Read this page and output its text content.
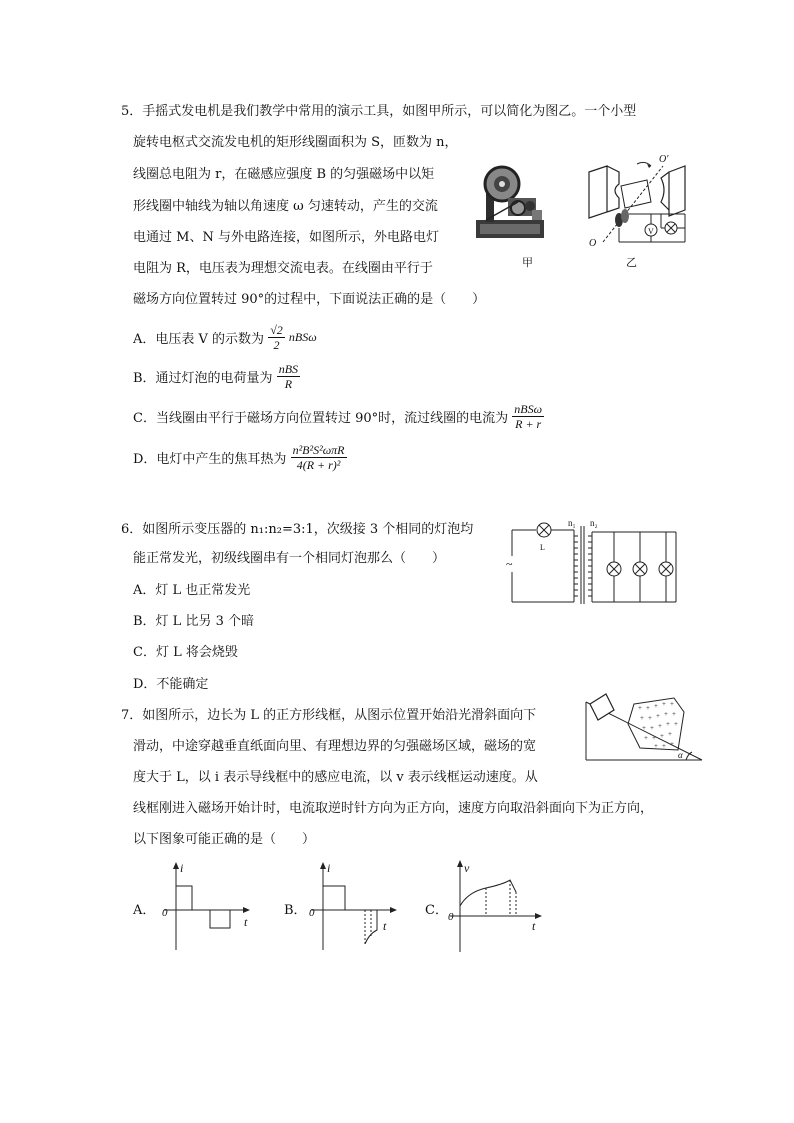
5．手摇式发电机是我们教学中常用的演示工具，如图甲所示，可以简化为图乙。一个小型
旋转电枢式交流发电机的矩形线圈面积为 S，匝数为 n，
线圈总电阻为 r，在磁感应强度 B 的匀强磁场中以矩
形线圈中轴线为轴以角速度 ω 匀速转动，产生的交流
电通过 M、N 与外电路连接，如图所示，外电路电灯
电阻为 R，电压表为理想交流电表。在线圈由平行于
磁场方向位置转过 90°的过程中，下面说法正确的是（　　）
甲
V
O′
O
乙
A．电压表 V 的示数为 $\frac{√2}{2}$ nBSω
B．通过灯泡的电荷量为 $\frac{\text{nBS}}{R}$
C．当线圈由平行于磁场方向位置转过 90°时，流过线圈的电流为 $\frac{\text{nBSω}}{R + r}$
D．电灯中产生的焦耳热为 $\frac{\text{n²B²S²ωπR}}{\text{4(R + r)²}}$
6．如图所示变压器的 n₁:n₂=3:1，次级接 3 个相同的灯泡均
能正常发光，初级线圈串有一个相同灯泡那么（　　）
A．灯 L 也正常发光
B．灯 L 比另 3 个暗
C．灯 L 将会烧毁
D．不能确定
L
~
n₁ n₂
7．如图所示，边长为 L 的正方形线框，从图示位置开始沿光滑斜面向下
滑动，中途穿越垂直纸面向里、有理想边界的匀强磁场区域，磁场的宽
度大于 L，以 i 表示导线框中的感应电流，以 v 表示线框运动速度。从
线框刚进入磁场开始计时，电流取逆时针方向为正方向，速度方向取沿斜面向下为正方向，
以下图象可能正确的是（　　）
+ + + + +
+ + + + +
+ + + + +
+ + + +
+ + +
α
A．
i
t
0	B．
i
t
0	C．
v
t
0
